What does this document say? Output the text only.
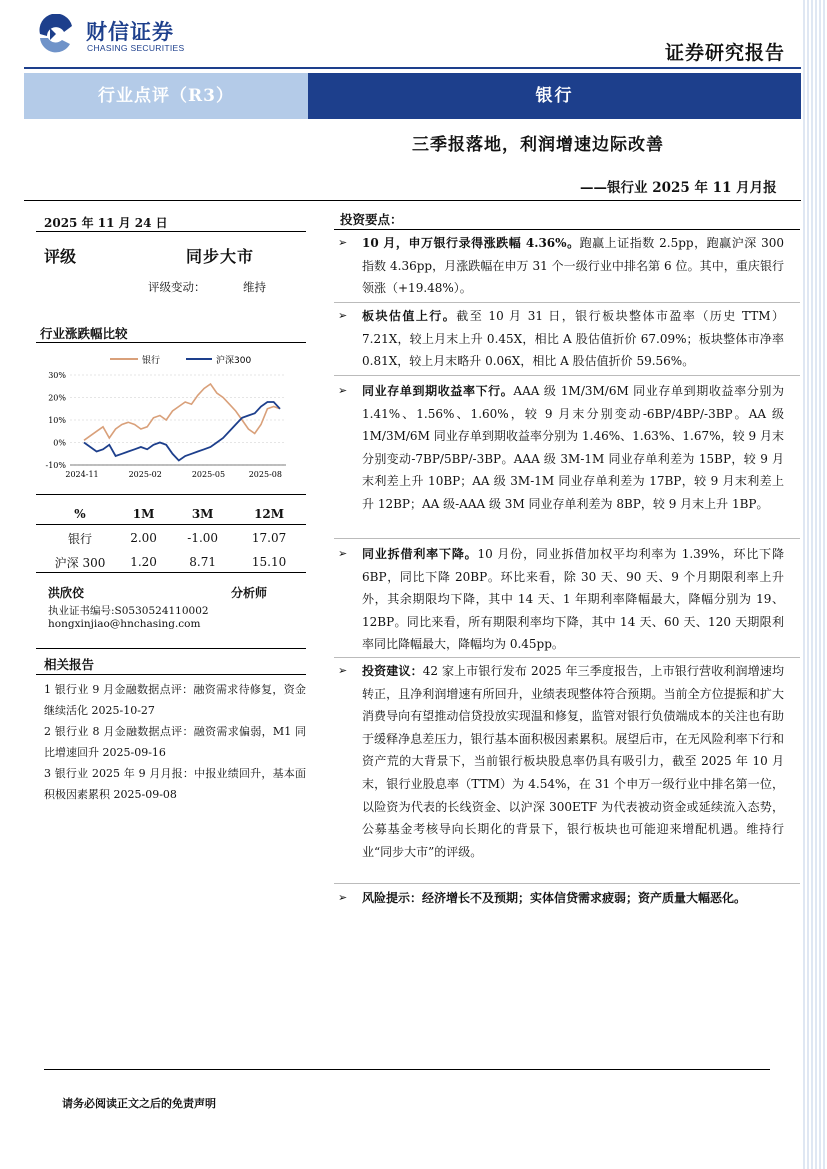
财信证券
CHASING SECURITIES	证券研究报告
行业点评（R3）	银行
三季报落地，利润增速边际改善
——银行业 2025 年 11 月月报
2025 年 11 月 24 日
评级	同步大市
评级变动：	维持
行业涨跌幅比较
银行	沪深300
30%
20%
10%
0%
-10%
2024-11	2025-02	2025-05	2025-08
%	1M	3M	12M
银行	2.00	-1.00	17.07
沪深 300	1.20	8.71	15.10
洪欣佼	分析师
执业证书编号:S0530524110002
hongxinjiao@hnchasing.com
相关报告
1 银行业 9 月金融数据点评：融资需求待修复，资金继续活化 2025-10-27
2 银行业 8 月金融数据点评：融资需求偏弱，M1 同比增速回升 2025-09-16
3 银行业 2025 年 9 月月报：中报业绩回升，基本面积极因素累积 2025-09-08
投资要点：
➢ 10 月，申万银行录得涨跌幅 4.36%。跑赢上证指数 2.5pp，跑赢沪深 300 指数 4.36pp，月涨跌幅在申万 31 个一级行业中排名第 6 位。其中，重庆银行领涨（+19.48%）。
➢ 板块估值上行。截至 10 月 31 日，银行板块整体市盈率（历史 TTM）7.21X，较上月末上升 0.45X，相比 A 股估值折价 67.09%；板块整体市净率 0.81X，较上月末略升 0.06X，相比 A 股估值折价 59.56%。
➢ 同业存单到期收益率下行。AAA 级 1M/3M/6M 同业存单到期收益率分别为 1.41%、1.56%、1.60%，较 9 月末分别变动-6BP/4BP/-3BP。AA 级 1M/3M/6M 同业存单到期收益率分别为 1.46%、1.63%、1.67%，较 9 月末分别变动-7BP/5BP/-3BP。AAA 级 3M-1M 同业存单利差为 15BP，较 9 月末利差上升 10BP；AA 级 3M-1M 同业存单利差为 17BP，较 9 月末利差上升 12BP；AA 级-AAA 级 3M 同业存单利差为 8BP，较 9 月末上升 1BP。
➢ 同业拆借利率下降。10 月份，同业拆借加权平均利率为 1.39%，环比下降 6BP，同比下降 20BP。环比来看，除 30 天、90 天、9 个月期限利率上升外，其余期限均下降，其中 14 天、1 年期利率降幅最大，降幅分别为 19、12BP。同比来看，所有期限利率均下降，其中 14 天、60 天、120 天期限利率同比降幅最大，降幅均为 0.45pp。
➢ 投资建议：42 家上市银行发布 2025 年三季度报告，上市银行营收利润增速均转正，且净利润增速有所回升，业绩表现整体符合预期。当前全方位提振和扩大消费导向有望推动信贷投放实现温和修复，监管对银行负债端成本的关注也有助于缓释净息差压力，银行基本面积极因素累积。展望后市，在无风险利率下行和资产荒的大背景下，当前银行板块股息率仍具有吸引力，截至 2025 年 10 月末，银行业股息率（TTM）为 4.54%，在 31 个申万一级行业中排名第一位，以险资为代表的长线资金、以沪深 300ETF 为代表被动资金或延续流入态势，公募基金考核导向长期化的背景下，银行板块也可能迎来增配机遇。维持行业“同步大市”的评级。
➢ 风险提示：经济增长不及预期；实体信贷需求疲弱；资产质量大幅恶化。
请务必阅读正文之后的免责声明
